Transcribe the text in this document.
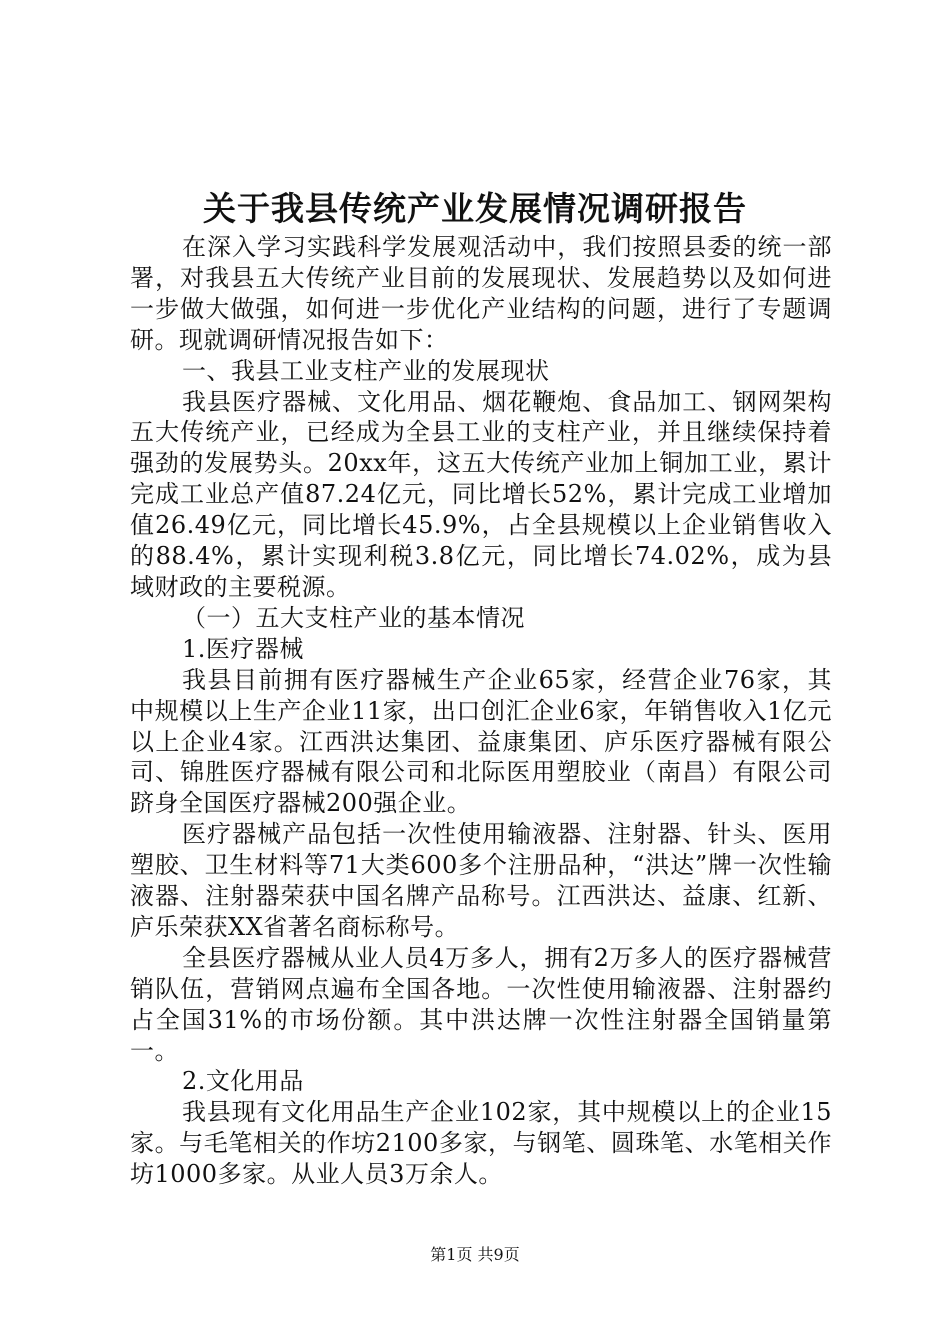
关于我县传统产业发展情况调研报告

在深入学习实践科学发展观活动中，我们按照县委的统一部署，对我县五大传统产业目前的发展现状、发展趋势以及如何进一步做大做强，如何进一步优化产业结构的问题，进行了专题调研。现就调研情况报告如下：

一、我县工业支柱产业的发展现状

我县医疗器械、文化用品、烟花鞭炮、食品加工、钢网架构五大传统产业，已经成为全县工业的支柱产业，并且继续保持着强劲的发展势头。20xx年，这五大传统产业加上铜加工业，累计完成工业总产值87.24亿元，同比增长52%，累计完成工业增加值26.49亿元，同比增长45.9%，占全县规模以上企业销售收入的88.4%，累计实现利税3.8亿元，同比增长74.02%，成为县域财政的主要税源。

（一）五大支柱产业的基本情况

1.医疗器械

我县目前拥有医疗器械生产企业65家，经营企业76家，其中规模以上生产企业11家，出口创汇企业6家，年销售收入1亿元以上企业4家。江西洪达集团、益康集团、庐乐医疗器械有限公司、锦胜医疗器械有限公司和北际医用塑胶业（南昌）有限公司跻身全国医疗器械200强企业。

医疗器械产品包括一次性使用输液器、注射器、针头、医用塑胶、卫生材料等71大类600多个注册品种，“洪达”牌一次性输液器、注射器荣获中国名牌产品称号。江西洪达、益康、红新、庐乐荣获XX省著名商标称号。

全县医疗器械从业人员4万多人，拥有2万多人的医疗器械营销队伍，营销网点遍布全国各地。一次性使用输液器、注射器约占全国31%的市场份额。其中洪达牌一次性注射器全国销量第一。

2.文化用品

我县现有文化用品生产企业102家，其中规模以上的企业15家。与毛笔相关的作坊2100多家，与钢笔、圆珠笔、水笔相关作坊1000多家。从业人员3万余人。

第1页 共9页
